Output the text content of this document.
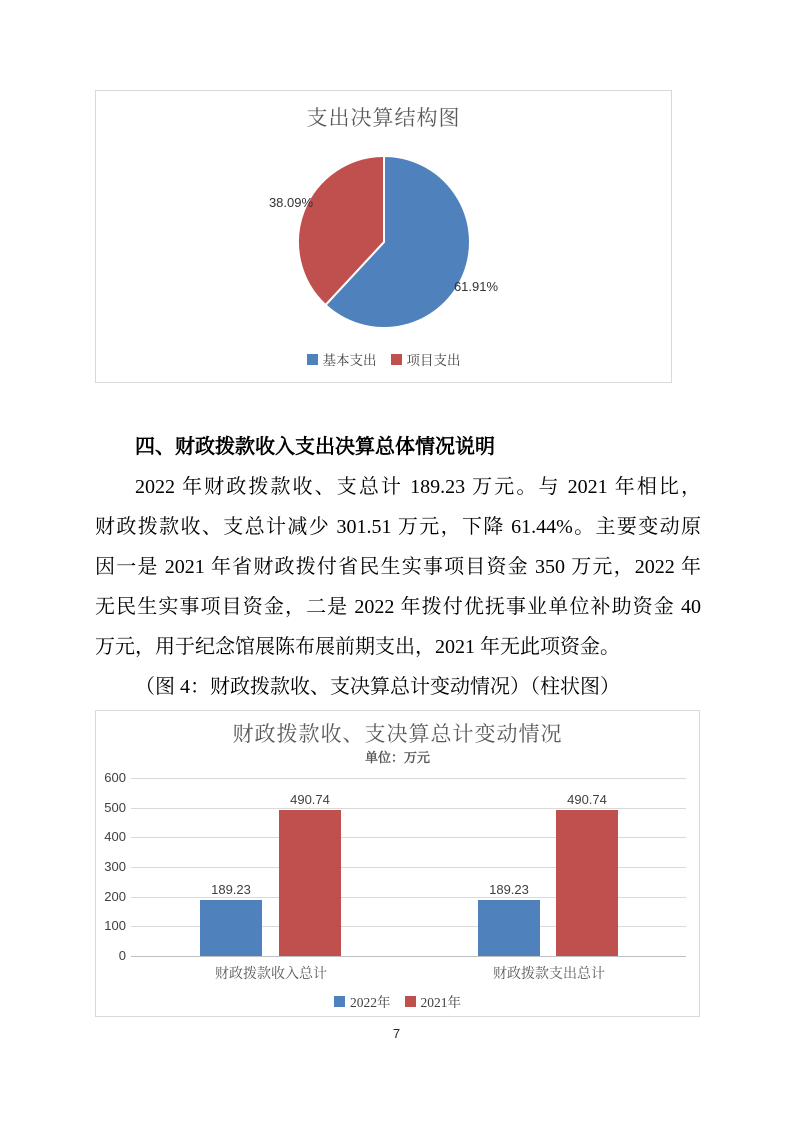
支出决算结构图
61.91%
38.09%
基本支出 项目支出
四、财政拨款收入支出决算总体情况说明
2022 年财政拨款收、支总计 189.23 万元。与 2021 年相比，
财政拨款收、支总计减少 301.51 万元，下降 61.44%。主要变动原
因一是 2021 年省财政拨付省民生实事项目资金 350 万元，2022 年
无民生实事项目资金，二是 2022 年拨付优抚事业单位补助资金 40
万元，用于纪念馆展陈布展前期支出，2021 年无此项资金。
（图 4：财政拨款收、支决算总计变动情况）（柱状图）
财政拨款收、支决算总计变动情况
单位：万元
600
500
400
300
200
100
0
189.23
490.74
189.23
490.74
财政拨款收入总计	财政拨款支出总计
2022年 2021年
7
